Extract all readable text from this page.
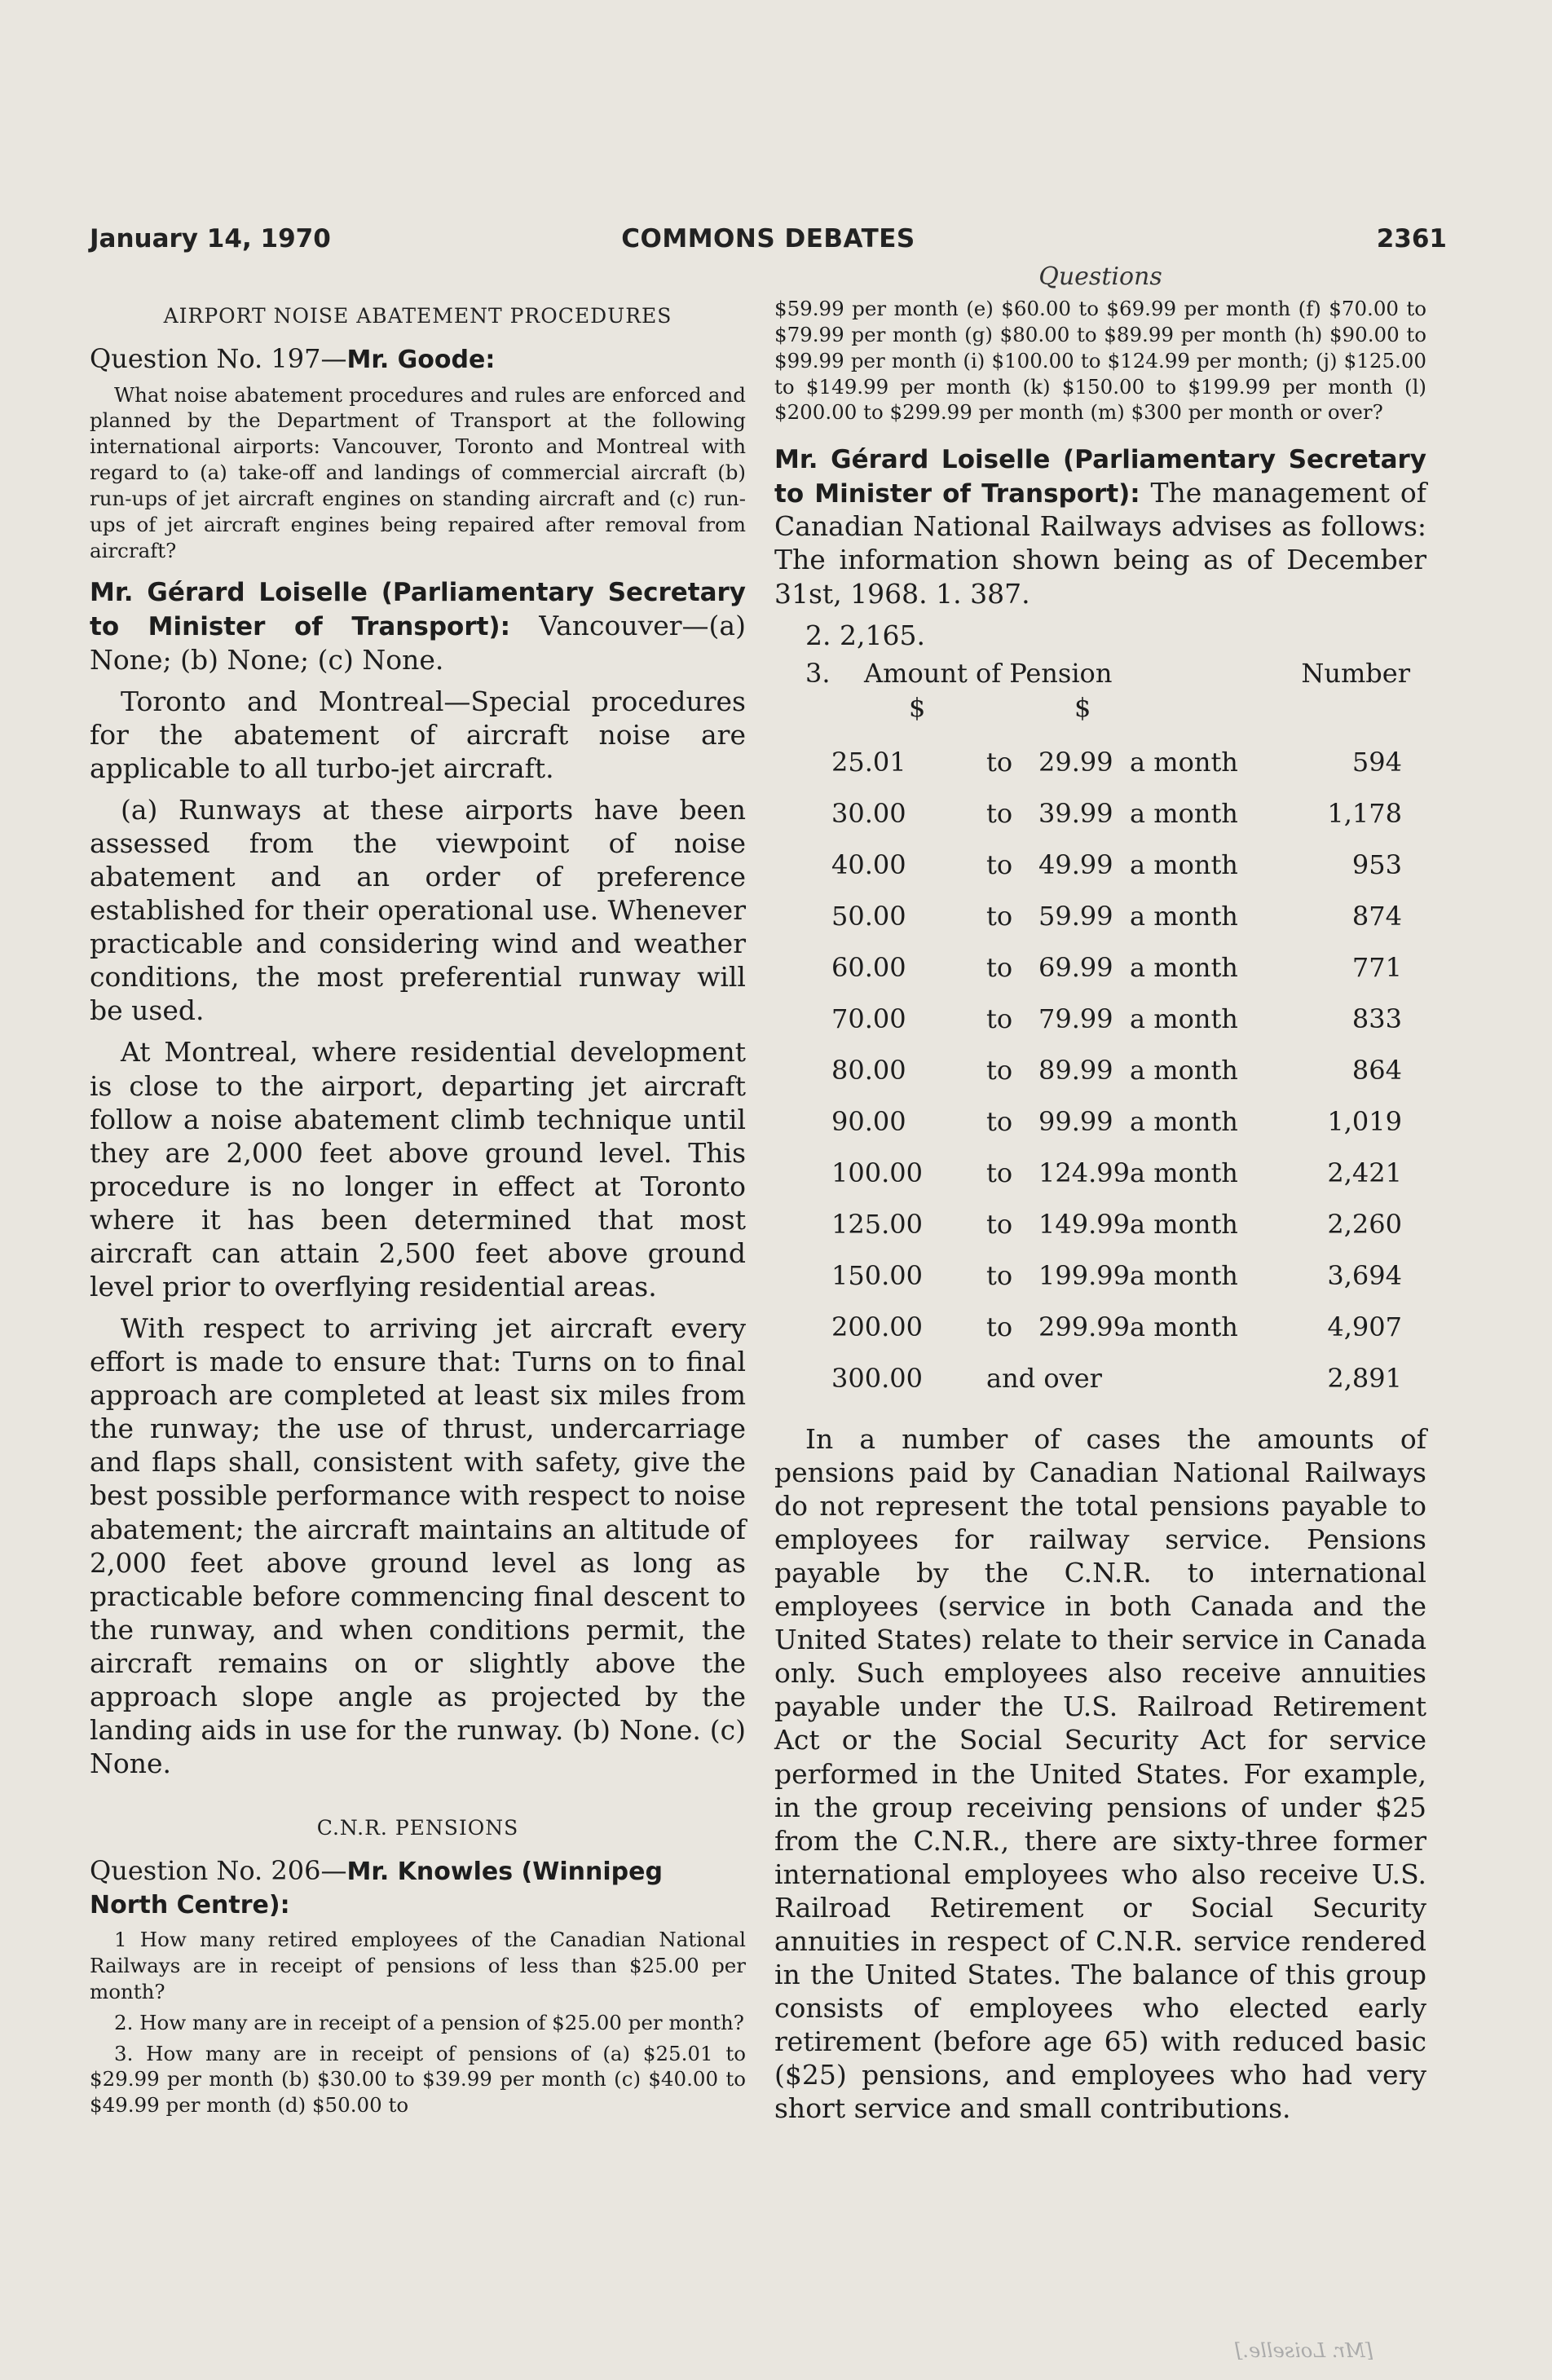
January 14, 1970	COMMONS DEBATES	2361
AIRPORT NOISE ABATEMENT PROCEDURES

Question No. 197—Mr. Goode:

What noise abatement procedures and rules are enforced and planned by the Department of Transport at the following international airports: Vancouver, Toronto and Montreal with regard to (a) take-off and landings of commercial aircraft (b) run-ups of jet aircraft engines on standing aircraft and (c) run-ups of jet aircraft engines being repaired after removal from aircraft?

Mr. Gérard Loiselle (Parliamentary Secretary to Minister of Transport): Vancouver—(a) None; (b) None; (c) None.

Toronto and Montreal—Special procedures for the abatement of aircraft noise are applicable to all turbo-jet aircraft.

(a) Runways at these airports have been assessed from the viewpoint of noise abatement and an order of preference established for their operational use. Whenever practicable and considering wind and weather conditions, the most preferential runway will be used.

At Montreal, where residential development is close to the airport, departing jet aircraft follow a noise abatement climb technique until they are 2,000 feet above ground level. This procedure is no longer in effect at Toronto where it has been determined that most aircraft can attain 2,500 feet above ground level prior to overflying residential areas.

With respect to arriving jet aircraft every effort is made to ensure that: Turns on to final approach are completed at least six miles from the runway; the use of thrust, undercarriage and flaps shall, consistent with safety, give the best possible performance with respect to noise abatement; the aircraft maintains an altitude of 2,000 feet above ground level as long as practicable before commencing final descent to the runway, and when conditions permit, the aircraft remains on or slightly above the approach slope angle as projected by the landing aids in use for the runway. (b) None. (c) None.

C.N.R. PENSIONS

Question No. 206—Mr. Knowles (Winnipeg North Centre):

1 How many retired employees of the Canadian National Railways are in receipt of pensions of less than $25.00 per month?

2. How many are in receipt of a pension of $25.00 per month?

3. How many are in receipt of pensions of (a) $25.01 to $29.99 per month (b) $30.00 to $39.99 per month (c) $40.00 to $49.99 per month (d) $50.00 to

Questions

$59.99 per month (e) $60.00 to $69.99 per month (f) $70.00 to $79.99 per month (g) $80.00 to $89.99 per month (h) $90.00 to $99.99 per month (i) $100.00 to $124.99 per month; (j) $125.00 to $149.99 per month (k) $150.00 to $199.99 per month (l) $200.00 to $299.99 per month (m) $300 per month or over?

Mr. Gérard Loiselle (Parliamentary Secretary to Minister of Transport): The management of Canadian National Railways advises as follows: The information shown being as of December 31st, 1968. 1. 387.

2. 2,165.

3. Amount of Pension	Number
$	$
25.01	to	29.99	a month	594
30.00	to	39.99	a month	1,178
40.00	to	49.99	a month	953
50.00	to	59.99	a month	874
60.00	to	69.99	a month	771
70.00	to	79.99	a month	833
80.00	to	89.99	a month	864
90.00	to	99.99	a month	1,019
100.00	to	124.99	a month	2,421
125.00	to	149.99	a month	2,260
150.00	to	199.99	a month	3,694
200.00	to	299.99	a month	4,907
300.00	and over			2,891

In a number of cases the amounts of pensions paid by Canadian National Railways do not represent the total pensions payable to employees for railway service. Pensions payable by the C.N.R. to international employees (service in both Canada and the United States) relate to their service in Canada only. Such employees also receive annuities payable under the U.S. Railroad Retirement Act or the Social Security Act for service performed in the United States. For example, in the group receiving pensions of under $25 from the C.N.R., there are sixty-three former international employees who also receive U.S. Railroad Retirement or Social Security annuities in respect of C.N.R. service rendered in the United States. The balance of this group consists of employees who elected early retirement (before age 65) with reduced basic ($25) pensions, and employees who had very short service and small contributions.

[Mr. Loiselle.]
